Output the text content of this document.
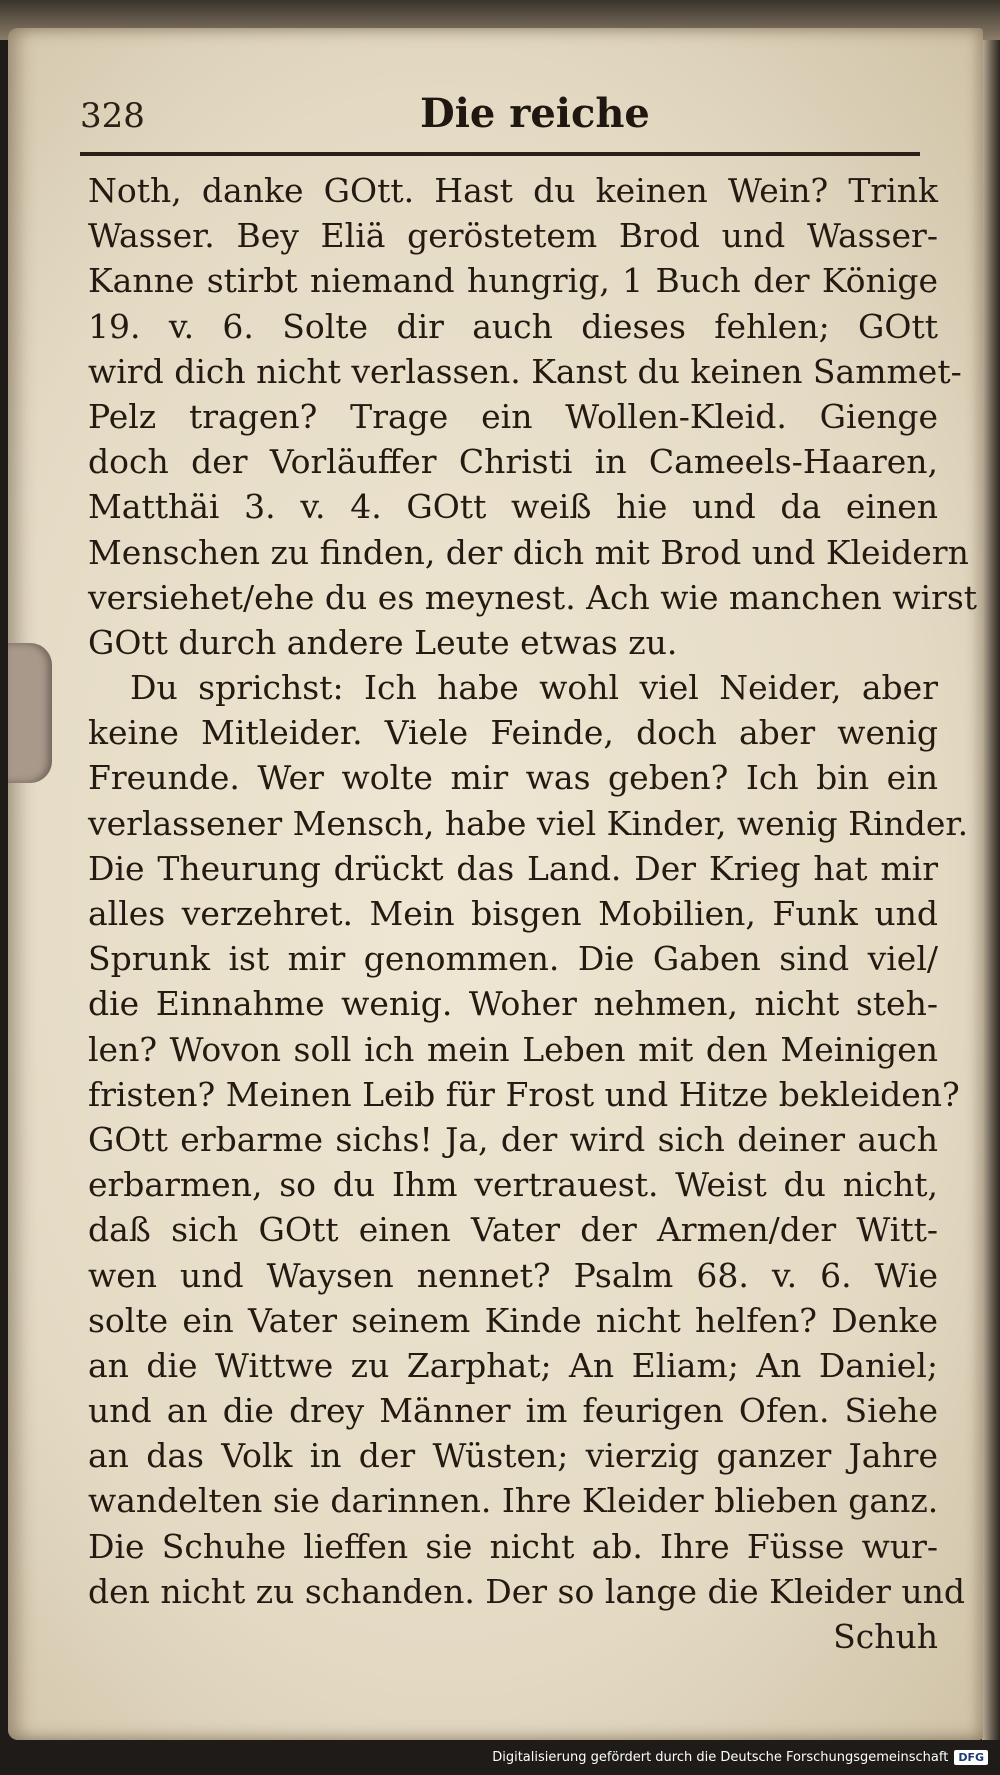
328	Die reiche
Noth, danke GOtt. Hast du keinen Wein? Trink
Wasser. Bey Eliä geröstetem Brod und Wasser-
Kanne stirbt niemand hungrig, 1 Buch der Könige
19. v. 6. Solte dir auch dieses fehlen; GOtt
wird dich nicht verlassen. Kanst du keinen Sammet-
Pelz tragen? Trage ein Wollen-Kleid. Gienge
doch der Vorläuffer Christi in Cameels-Haaren,
Matthäi 3. v. 4. GOtt weiß hie und da einen
Menschen zu finden, der dich mit Brod und Kleidern
versiehet/ehe du es meynest. Ach wie manchen wirst
GOtt durch andere Leute etwas zu.
Du sprichst: Ich habe wohl viel Neider, aber
keine Mitleider. Viele Feinde, doch aber wenig
Freunde. Wer wolte mir was geben? Ich bin ein
verlassener Mensch, habe viel Kinder, wenig Rinder.
Die Theurung drückt das Land. Der Krieg hat mir
alles verzehret. Mein bisgen Mobilien, Funk und
Sprunk ist mir genommen. Die Gaben sind viel/
die Einnahme wenig. Woher nehmen, nicht steh-
len? Wovon soll ich mein Leben mit den Meinigen
fristen? Meinen Leib für Frost und Hitze bekleiden?
GOtt erbarme sichs! Ja, der wird sich deiner auch
erbarmen, so du Ihm vertrauest. Weist du nicht,
daß sich GOtt einen Vater der Armen/der Witt-
wen und Waysen nennet? Psalm 68. v. 6. Wie
solte ein Vater seinem Kinde nicht helfen? Denke
an die Wittwe zu Zarphat; An Eliam; An Daniel;
und an die drey Männer im feurigen Ofen. Siehe
an das Volk in der Wüsten; vierzig ganzer Jahre
wandelten sie darinnen. Ihre Kleider blieben ganz.
Die Schuhe lieffen sie nicht ab. Ihre Füsse wur-
den nicht zu schanden. Der so lange die Kleider und
Schuh
Digitalisierung gefördert durch die Deutsche Forschungsgemeinschaft DFG
